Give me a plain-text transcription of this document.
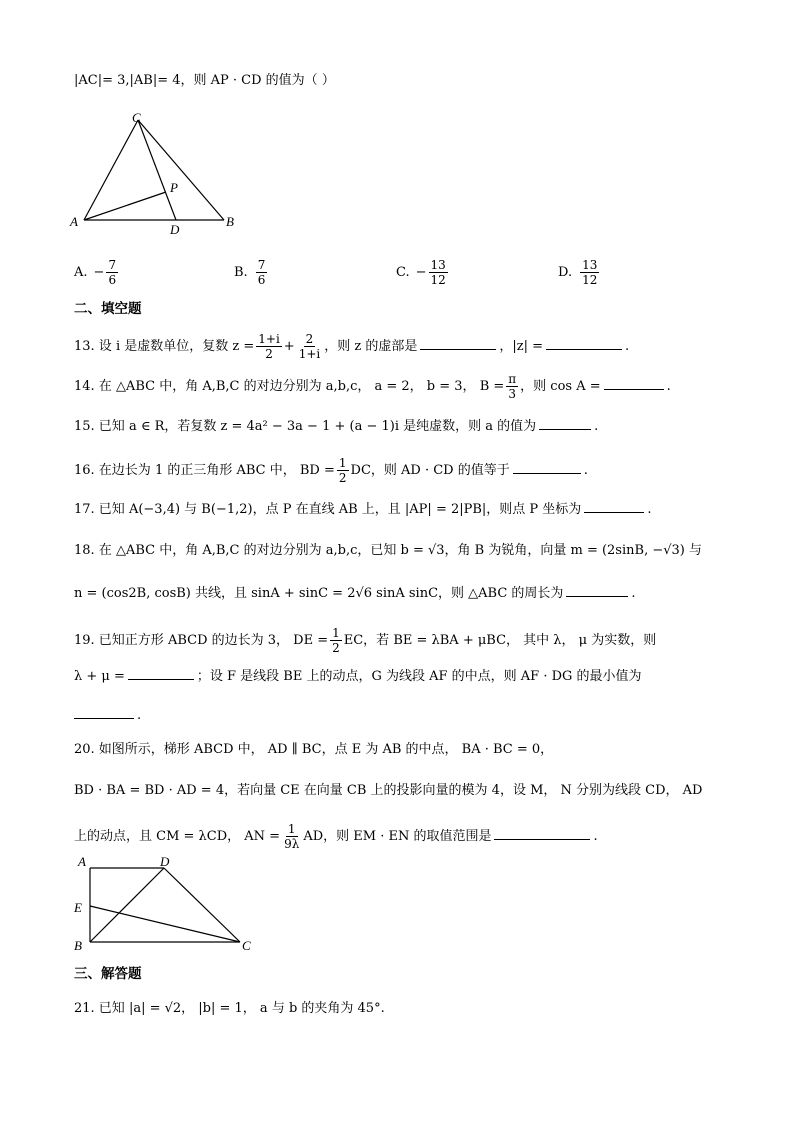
|AC|= 3,|AB|= 4，则 AP · CD 的值为（ ）
C
P
A
D
B
A. − $\frac{7}{6}$	B. $\frac{7}{6}$	C. − $\frac{13}{12}$	D. $\frac{13}{12}$
二、填空题
13. 设 i 是虚数单位，复数 $z = \frac{1+i}{2} + \frac{2}{1+i}$ ，则 z 的虚部是	，|z| =	.
14. 在 △ABC 中，角 A,B,C 的对边分别为 a,b,c， a = 2， b = 3， $B = \frac{\pi}{3}$ ，则 cos A =	.
15. 已知 a ∈ R，若复数 z = 4a² − 3a − 1 + (a − 1)i 是纯虚数，则 a 的值为	.
16. 在边长为 1 的正三角形 ABC 中， BD = $\frac{1}{2}$ DC，则 AD · CD 的值等于	.
17. 已知 A(−3,4) 与 B(−1,2)，点 P 在直线 AB 上，且 |AP| = 2|PB|，则点 P 坐标为	.
18. 在 △ABC 中，角 A,B,C 的对边分别为 a,b,c，已知 b = √3，角 B 为锐角，向量 m = (2sinB, −√3) 与
n = (cos2B, cosB) 共线，且 sinA + sinC = 2√6 sinA sinC，则 △ABC 的周长为	.
19. 已知正方形 ABCD 的边长为 3， DE = $\frac{1}{2}$ EC，若 BE = λBA + μBC， 其中 λ， μ 为实数，则
λ + μ =	；设 F 是线段 BE 上的动点，G 为线段 AF 的中点，则 AF · DG 的最小值为
.
20. 如图所示，梯形 ABCD 中， AD ∥ BC，点 E 为 AB 的中点， BA · BC = 0，
BD · BA = BD · AD = 4，若向量 CE 在向量 CB 上的投影向量的模为 4，设 M， N 分别为线段 CD， AD
上的动点，且 CM = λCD， AN = $\frac{1}{9\lambda}$ AD，则 EM · EN 的取值范围是	.
A	D
E
B	C
三、解答题
21. 已知 |a| = √2， |b| = 1， a 与 b 的夹角为 45°.
